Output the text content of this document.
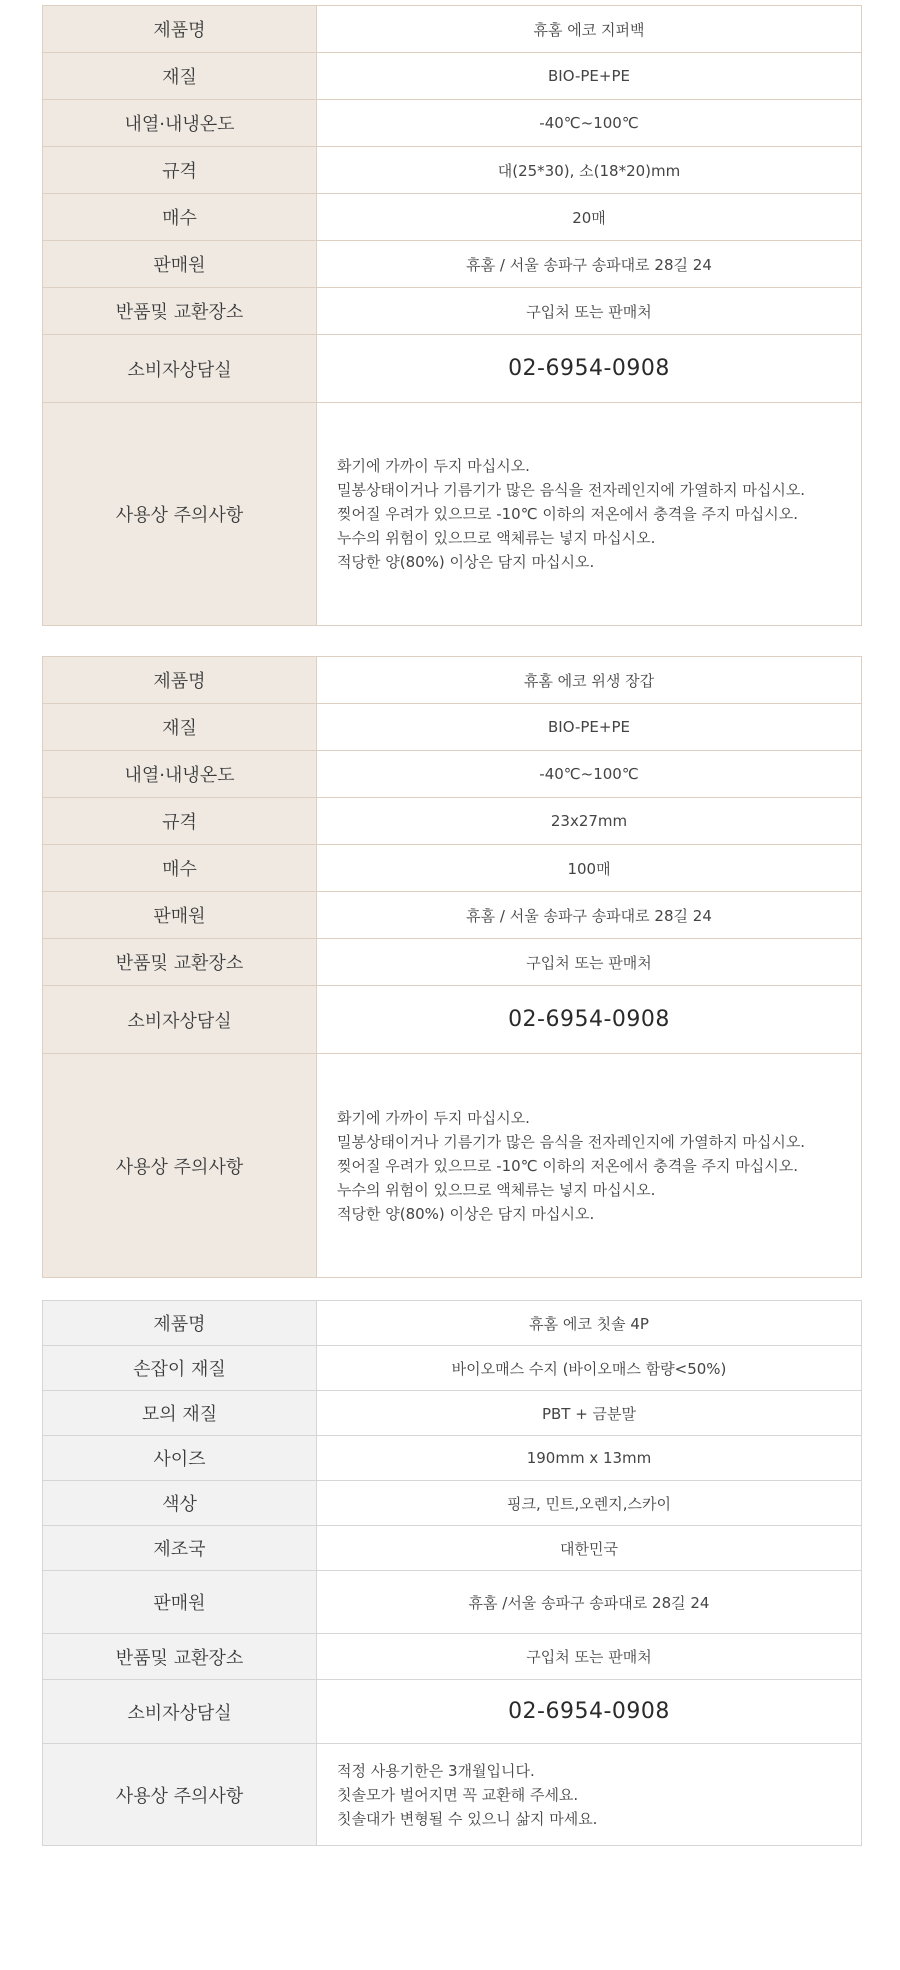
제품명	휴홈 에코 지퍼백
재질	BIO-PE+PE
내열·내냉온도	-40℃~100℃
규격	대(25*30), 소(18*20)mm
매수	20매
판매원	휴홈 / 서울 송파구 송파대로 28길 24
반품및 교환장소	구입처 또는 판매처
소비자상담실	02-6954-0908
사용상 주의사항	화기에 가까이 두지 마십시오.
밀봉상태이거나 기름기가 많은 음식을 전자레인지에 가열하지 마십시오.
찢어질 우려가 있으므로 -10℃ 이하의 저온에서 충격을 주지 마십시오.
누수의 위험이 있으므로 액체류는 넣지 마십시오.
적당한 양(80%) 이상은 담지 마십시오.
제품명	휴홈 에코 위생 장갑
재질	BIO-PE+PE
내열·내냉온도	-40℃~100℃
규격	23x27mm
매수	100매
판매원	휴홈 / 서울 송파구 송파대로 28길 24
반품및 교환장소	구입처 또는 판매처
소비자상담실	02-6954-0908
사용상 주의사항	화기에 가까이 두지 마십시오.
밀봉상태이거나 기름기가 많은 음식을 전자레인지에 가열하지 마십시오.
찢어질 우려가 있으므로 -10℃ 이하의 저온에서 충격을 주지 마십시오.
누수의 위험이 있으므로 액체류는 넣지 마십시오.
적당한 양(80%) 이상은 담지 마십시오.
제품명	휴홈 에코 칫솔 4P
손잡이 재질	바이오매스 수지 (바이오매스 함량<50%)
모의 재질	PBT + 금분말
사이즈	190mm x 13mm
색상	핑크, 민트,오렌지,스카이
제조국	대한민국
판매원	휴홈 /서울 송파구 송파대로 28길 24
반품및 교환장소	구입처 또는 판매처
소비자상담실	02-6954-0908
사용상 주의사항	적정 사용기한은 3개월입니다.
칫솔모가 벌어지면 꼭 교환해 주세요.
칫솔대가 변형될 수 있으니 삶지 마세요.
